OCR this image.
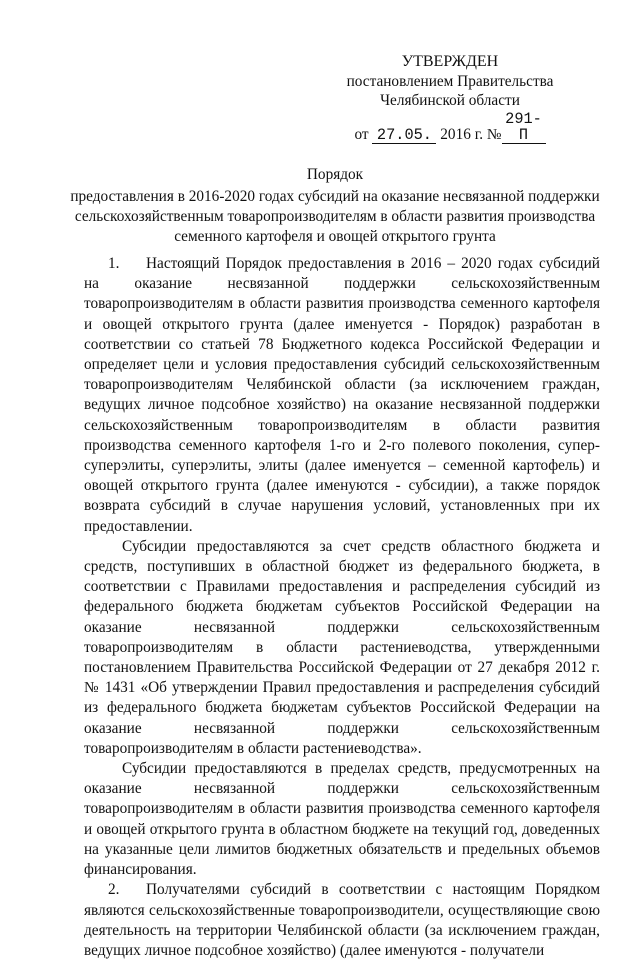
УТВЕРЖДЕН
постановлением Правительства
Челябинской области
от 27.05. 2016 г. №291-П
Порядок
предоставления в 2016-2020 годах субсидий на оказание несвязанной поддержки сельскохозяйственным товаропроизводителям в области развития производства семенного картофеля и овощей открытого грунта

1. Настоящий Порядок предоставления в 2016 – 2020 годах субсидий на оказание несвязанной поддержки сельскохозяйственным товаропроизводителям в области развития производства семенного картофеля и овощей открытого грунта (далее именуется - Порядок) разработан в соответствии со статьей 78 Бюджетного кодекса Российской Федерации и определяет цели и условия предоставления субсидий сельскохозяйственным товаропроизводителям Челябинской области (за исключением граждан, ведущих личное подсобное хозяйство) на оказание несвязанной поддержки сельскохозяйственным товаропроизводителям в области развития производства семенного картофеля 1-го и 2-го полевого поколения, супер-суперэлиты, суперэлиты, элиты (далее именуется – семенной картофель) и овощей открытого грунта (далее именуются - субсидии), а также порядок возврата субсидий в случае нарушения условий, установленных при их предоставлении.

Субсидии предоставляются за счет средств областного бюджета и средств, поступивших в областной бюджет из федерального бюджета, в соответствии с Правилами предоставления и распределения субсидий из федерального бюджета бюджетам субъектов Российской Федерации на оказание несвязанной поддержки сельскохозяйственным товаропроизводителям в области растениеводства, утвержденными постановлением Правительства Российской Федерации от 27 декабря 2012 г. № 1431 «Об утверждении Правил предоставления и распределения субсидий из федерального бюджета бюджетам субъектов Российской Федерации на оказание несвязанной поддержки сельскохозяйственным товаропроизводителям в области растениеводства».

Субсидии предоставляются в пределах средств, предусмотренных на оказание несвязанной поддержки сельскохозяйственным товаропроизводителям в области развития производства семенного картофеля и овощей открытого грунта в областном бюджете на текущий год, доведенных на указанные цели лимитов бюджетных обязательств и предельных объемов финансирования.

2. Получателями субсидий в соответствии с настоящим Порядком являются сельскохозяйственные товаропроизводители, осуществляющие свою деятельность на территории Челябинской области (за исключением граждан, ведущих личное подсобное хозяйство) (далее именуются - получатели
